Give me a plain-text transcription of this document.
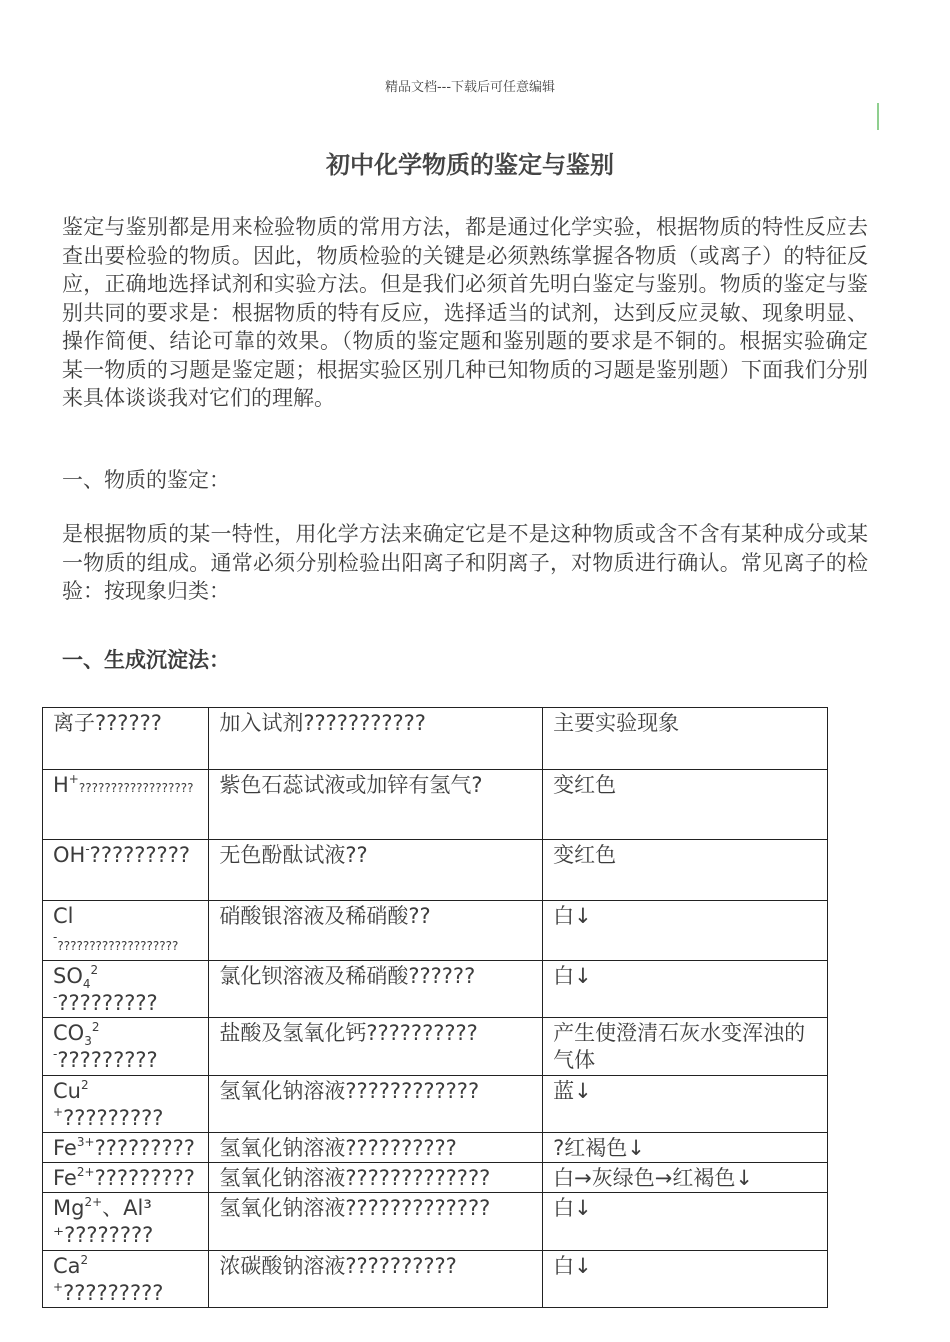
精品文档---下载后可任意编辑
初中化学物质的鉴定与鉴别
鉴定与鉴别都是用来检验物质的常用方法，都是通过化学实验，根据物质的特性反应去查出要检验的物质。因此，物质检验的关键是必须熟练掌握各物质（或离子）的特征反应，正确地选择试剂和实验方法。但是我们必须首先明白鉴定与鉴别。物质的鉴定与鉴别共同的要求是：根据物质的特有反应，选择适当的试剂，达到反应灵敏、现象明显、操作简便、结论可靠的效果。（物质的鉴定题和鉴别题的要求是不铜的。根据实验确定某一物质的习题是鉴定题；根据实验区别几种已知物质的习题是鉴别题）下面我们分别来具体谈谈我对它们的理解。
一、物质的鉴定：
是根据物质的某一特性，用化学方法来确定它是不是这种物质或含不含有某种成分或某一物质的组成。通常必须分别检验出阳离子和阴离子，对物质进行确认。常见离子的检验：按现象归类：
一、生成沉淀法：
离子??????	加入试剂???????????	主要实验现象
H+??????????????????	紫色石蕊试液或加锌有氢气?	变红色
OH-?????????	无色酚酞试液??	变红色
Cl-???????????????????	硝酸银溶液及稀硝酸??	白↓
$SO_4^{2-}$?????????	氯化钡溶液及稀硝酸??????	白↓
$CO_3^{2-}$?????????	盐酸及氢氧化钙??????????	产生使澄清石灰水变浑浊的气体
$Cu^{2+}$?????????	氢氧化钠溶液????????????	蓝↓
$Fe^{3+}$?????????	氢氧化钠溶液??????????	?红褐色↓
$Fe^{2+}$?????????	氢氧化钠溶液?????????????	白→灰绿色→红褐色↓
$Mg^{2+}$、Al³⁺????????	氢氧化钠溶液?????????????	白↓
$Ca^{2+}$?????????	浓碳酸钠溶液??????????	白↓
